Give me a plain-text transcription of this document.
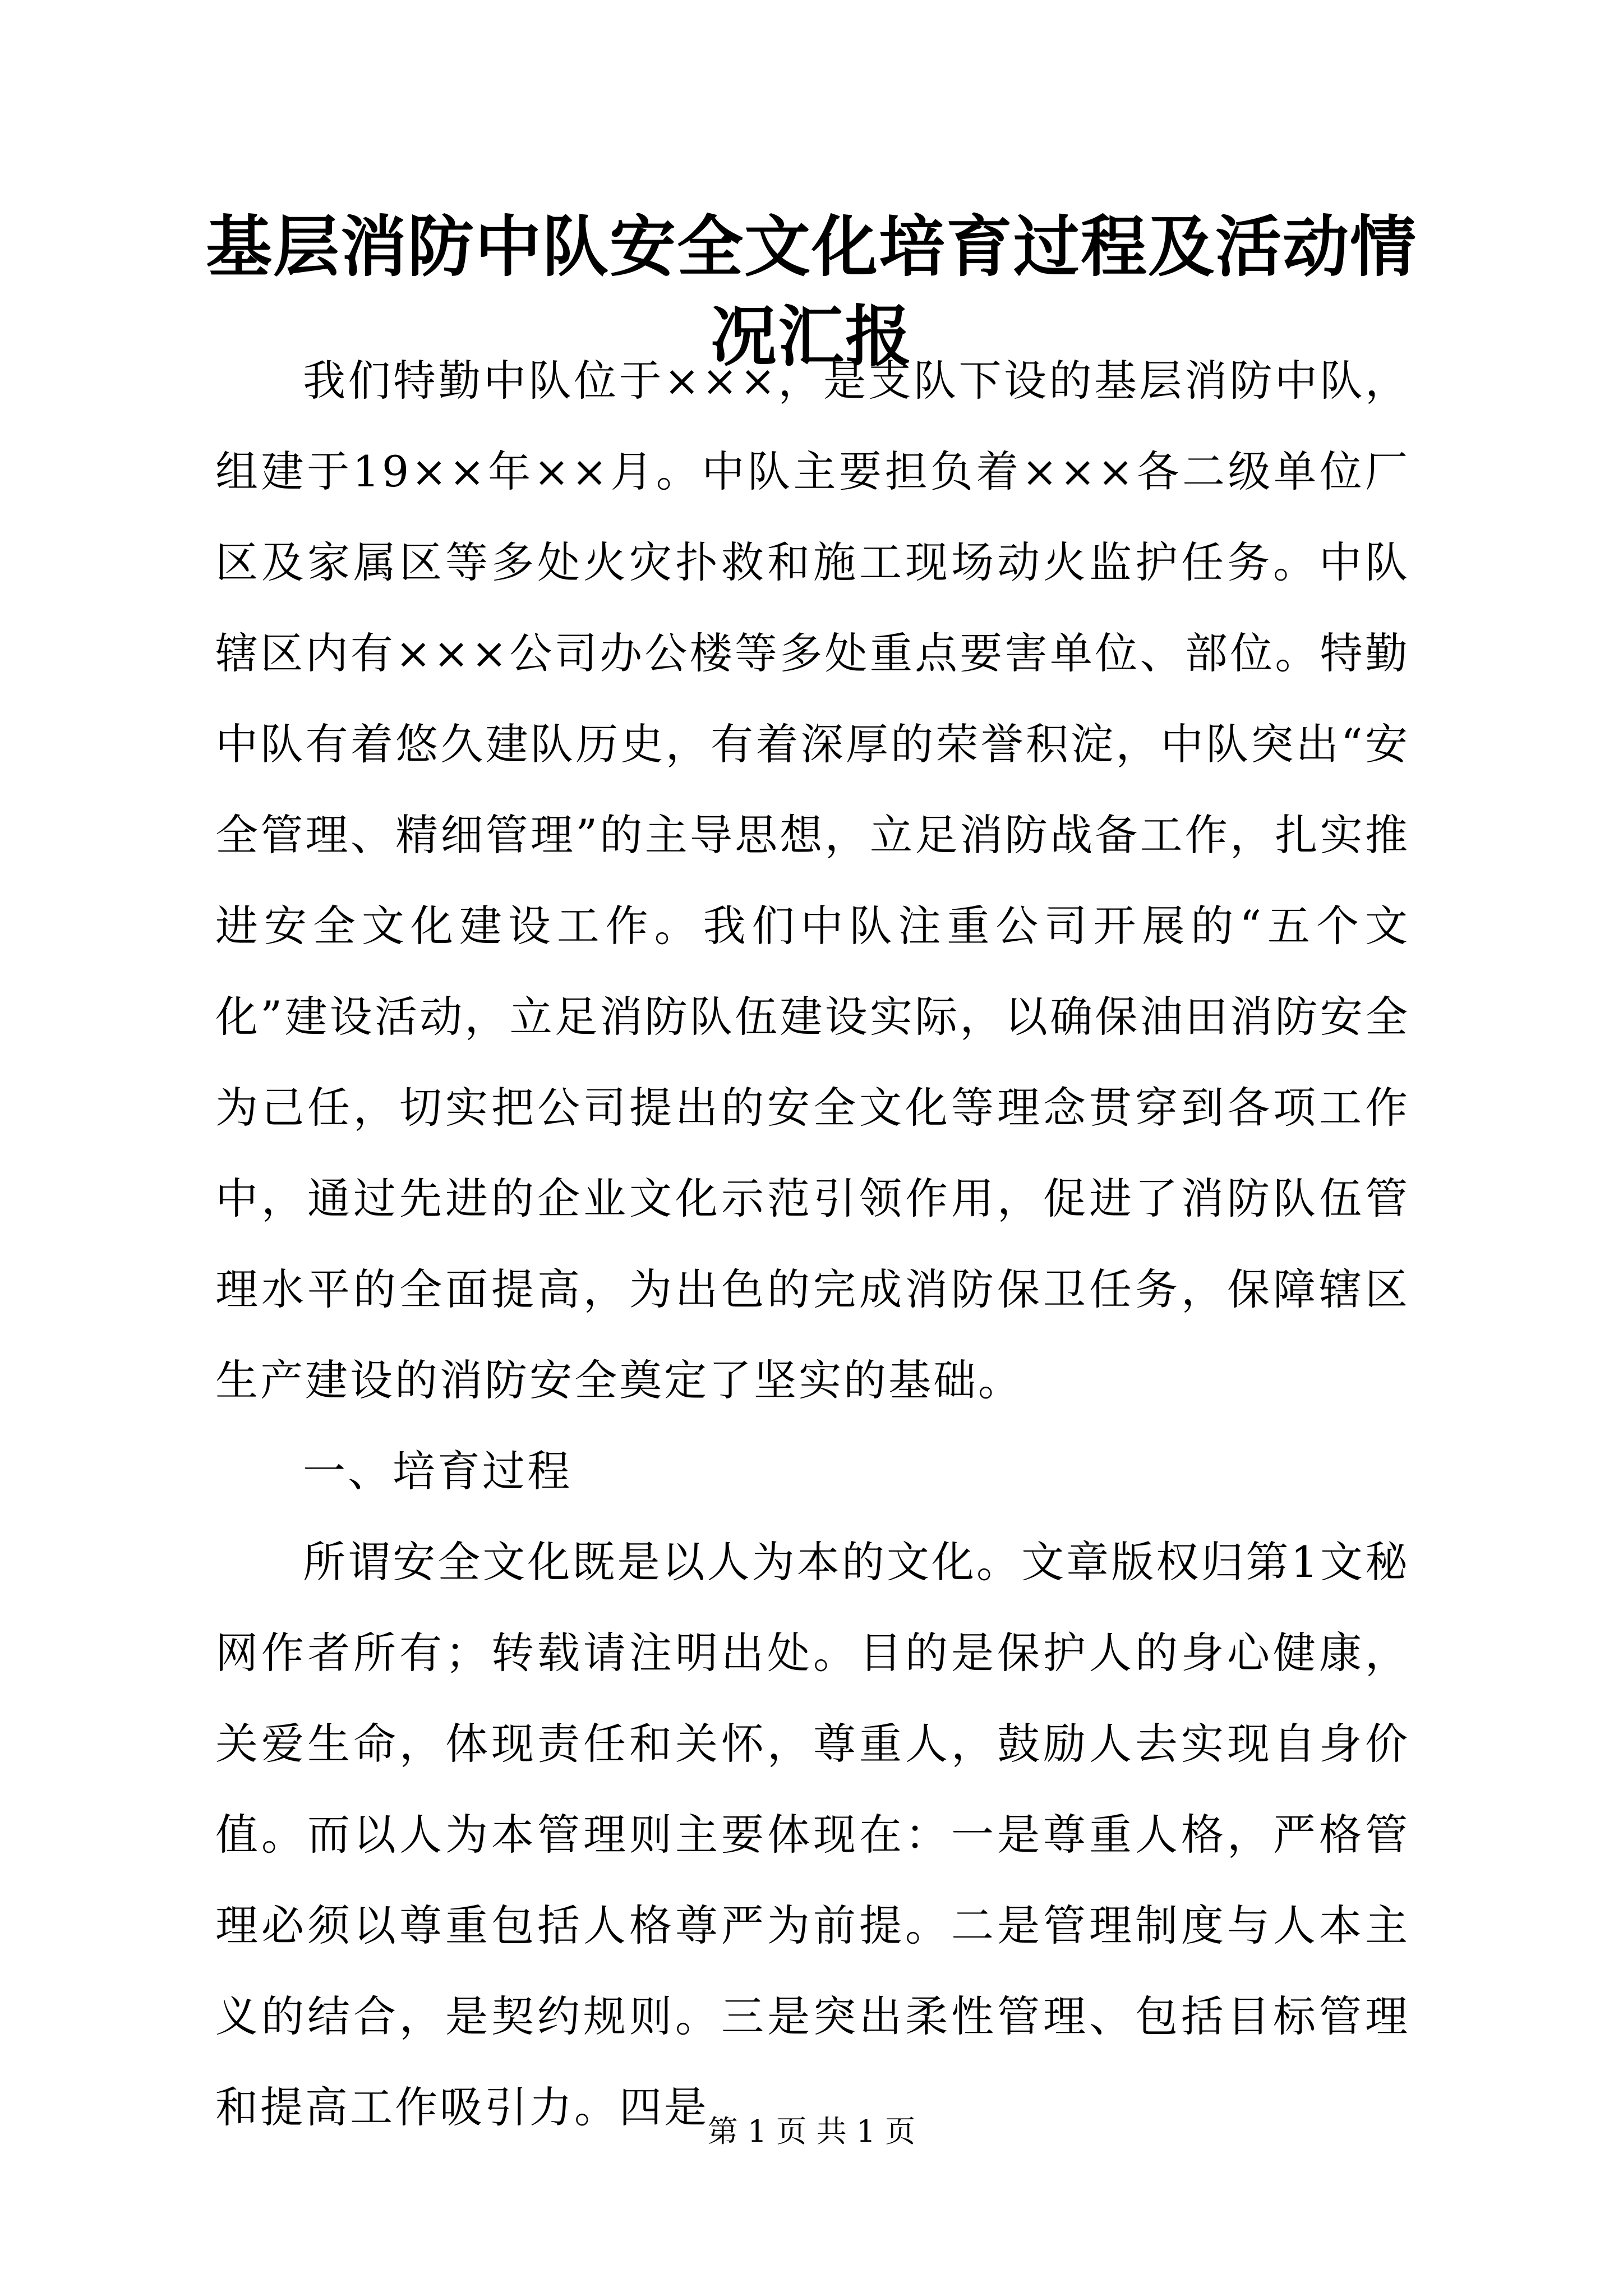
基层消防中队安全文化培育过程及活动情况汇报

我们特勤中队位于×××，是支队下设的基层消防中队，组建于19××年××月。中队主要担负着×××各二级单位厂区及家属区等多处火灾扑救和施工现场动火监护任务。中队辖区内有×××公司办公楼等多处重点要害单位、部位。特勤中队有着悠久建队历史，有着深厚的荣誉积淀，中队突出“安全管理、精细管理”的主导思想，立足消防战备工作，扎实推进安全文化建设工作。我们中队注重公司开展的“五个文化”建设活动，立足消防队伍建设实际，以确保油田消防安全为己任，切实把公司提出的安全文化等理念贯穿到各项工作中，通过先进的企业文化示范引领作用，促进了消防队伍管理水平的全面提高，为出色的完成消防保卫任务，保障辖区生产建设的消防安全奠定了坚实的基础。

一、培育过程

所谓安全文化既是以人为本的文化。文章版权归第1文秘网作者所有；转载请注明出处。目的是保护人的身心健康，关爱生命，体现责任和关怀，尊重人，鼓励人去实现自身价值。而以人为本管理则主要体现在：一是尊重人格，严格管理必须以尊重包括人格尊严为前提。二是管理制度与人本主义的结合，是契约规则。三是突出柔性管理、包括目标管理和提高工作吸引力。四是

第 1 页 共 1 页
